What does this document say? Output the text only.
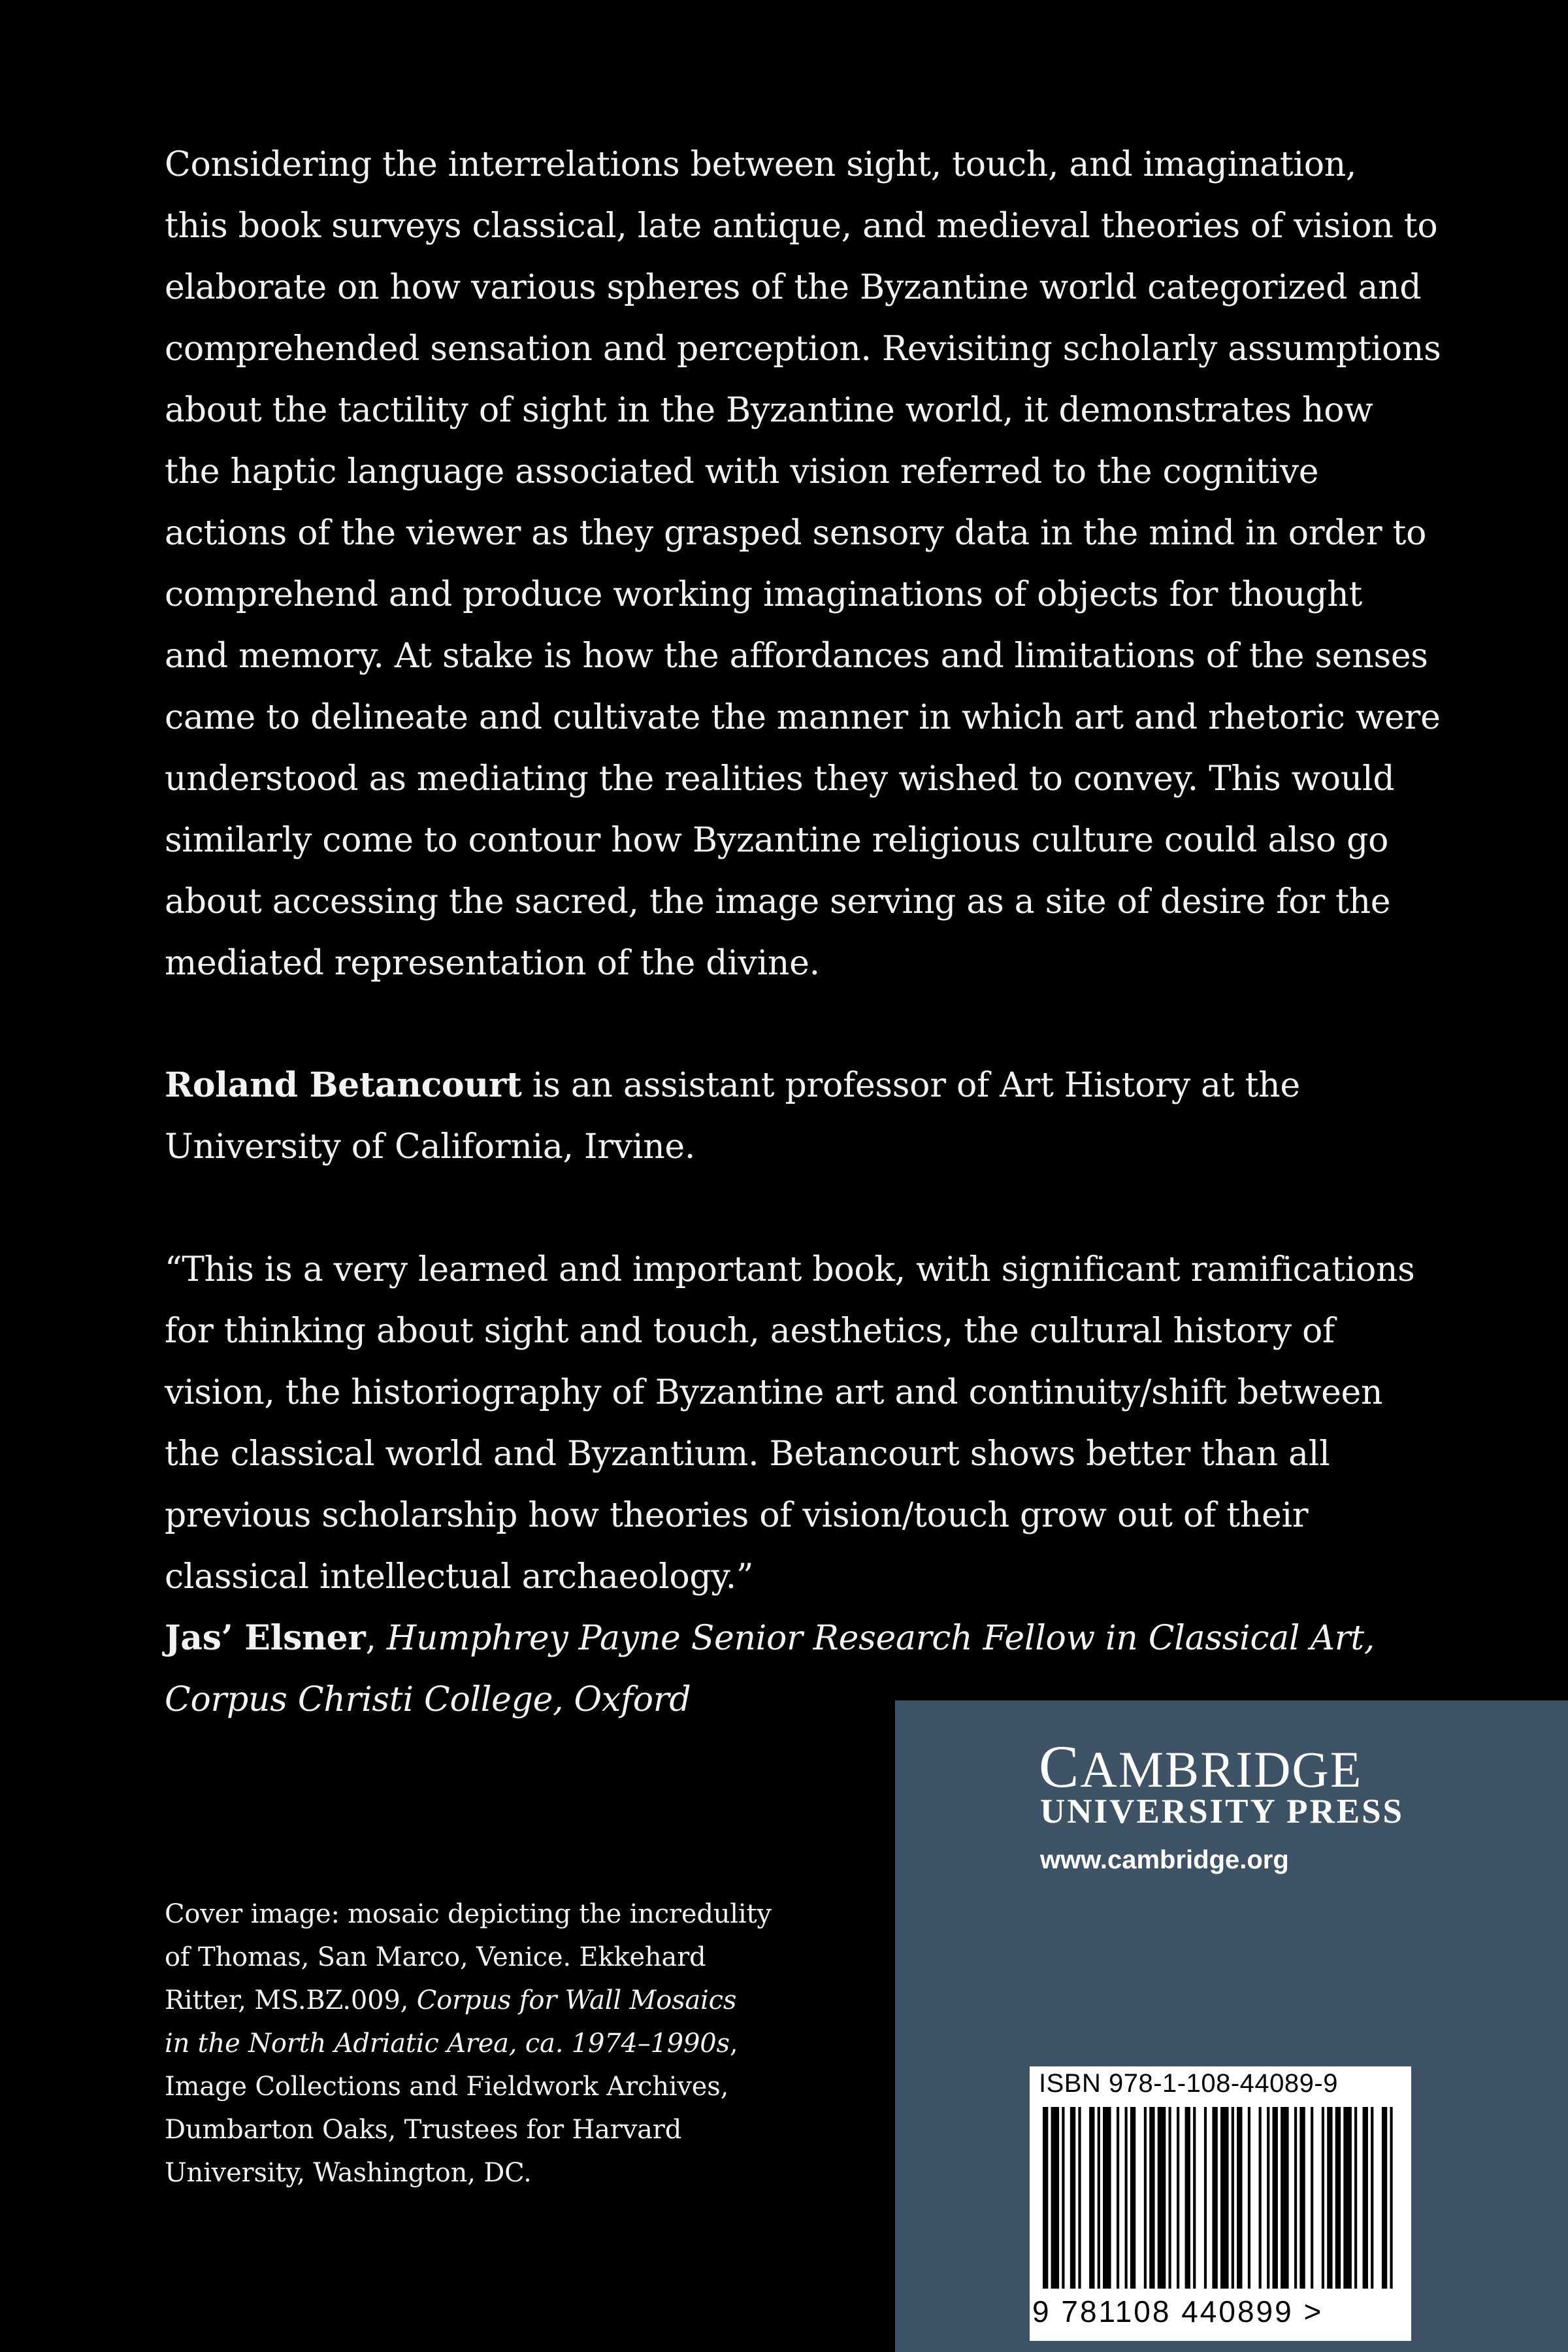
Considering the interrelations between sight, touch, and imagination,
this book surveys classical, late antique, and medieval theories of vision to
elaborate on how various spheres of the Byzantine world categorized and
comprehended sensation and perception. Revisiting scholarly assumptions
about the tactility of sight in the Byzantine world, it demonstrates how
the haptic language associated with vision referred to the cognitive
actions of the viewer as they grasped sensory data in the mind in order to
comprehend and produce working imaginations of objects for thought
and memory. At stake is how the affordances and limitations of the senses
came to delineate and cultivate the manner in which art and rhetoric were
understood as mediating the realities they wished to convey. This would
similarly come to contour how Byzantine religious culture could also go
about accessing the sacred, the image serving as a site of desire for the
mediated representation of the divine.
Roland Betancourt is an assistant professor of Art History at the
University of California, Irvine.
“This is a very learned and important book, with significant ramifications
for thinking about sight and touch, aesthetics, the cultural history of
vision, the historiography of Byzantine art and continuity/shift between
the classical world and Byzantium. Betancourt shows better than all
previous scholarship how theories of vision/touch grow out of their
classical intellectual archaeology.”
Jas’ Elsner, Humphrey Payne Senior Research Fellow in Classical Art,
Corpus Christi College, Oxford
Cover image: mosaic depicting the incredulity
of Thomas, San Marco, Venice. Ekkehard
Ritter, MS.BZ.009, Corpus for Wall Mosaics
in the North Adriatic Area, ca. 1974–1990s,
Image Collections and Fieldwork Archives,
Dumbarton Oaks, Trustees for Harvard
University, Washington, DC.
CAMBRIDGE
UNIVERSITY PRESS
www.cambridge.org
ISBN 978-1-108-44089-9
9 781108 440899 >
